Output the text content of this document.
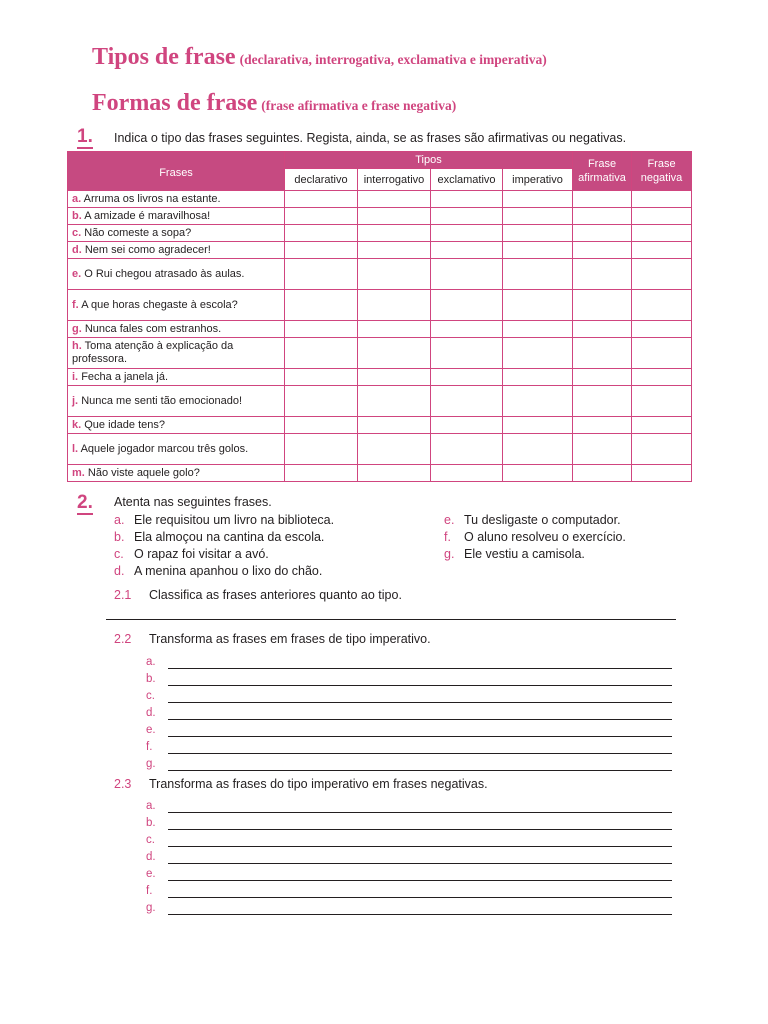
Tipos de frase (declarativa, interrogativa, exclamativa e imperativa)
Formas de frase (frase afirmativa e frase negativa)
1. Indica o tipo das frases seguintes. Regista, ainda, se as frases são afirmativas ou negativas.
Frases	Tipos				Frase afirmativa	Frase negativa
	declarativo	interrogativo	exclamativo	imperativo		
a. Arruma os livros na estante.						
b. A amizade é maravilhosa!						
c. Não comeste a sopa?						
d. Nem sei como agradecer!						
e. O Rui chegou atrasado às aulas.						
f. A que horas chegaste à escola?						
g. Nunca fales com estranhos.						
h. Toma atenção à explicação da professora.						
i. Fecha a janela já.						
j. Nunca me senti tão emocionado!						
k. Que idade tens?						
l. Aquele jogador marcou três golos.						
m. Não viste aquele golo?						
2. Atenta nas seguintes frases.
a. Ele requisitou um livro na biblioteca.
b. Ela almoçou na cantina da escola.
c. O rapaz foi visitar a avó.
d. A menina apanhou o lixo do chão.
e. Tu desligaste o computador.
f.	O aluno resolveu o exercício.
g. Ele vestiu a camisola.
2.1 Classifica as frases anteriores quanto ao tipo.
2.2 Transforma as frases em frases de tipo imperativo.
a.
b.
c.
d.
e.
f.
g.
2.3 Transforma as frases do tipo imperativo em frases negativas.
a.
b.
c.
d.
e.
f.
g.
